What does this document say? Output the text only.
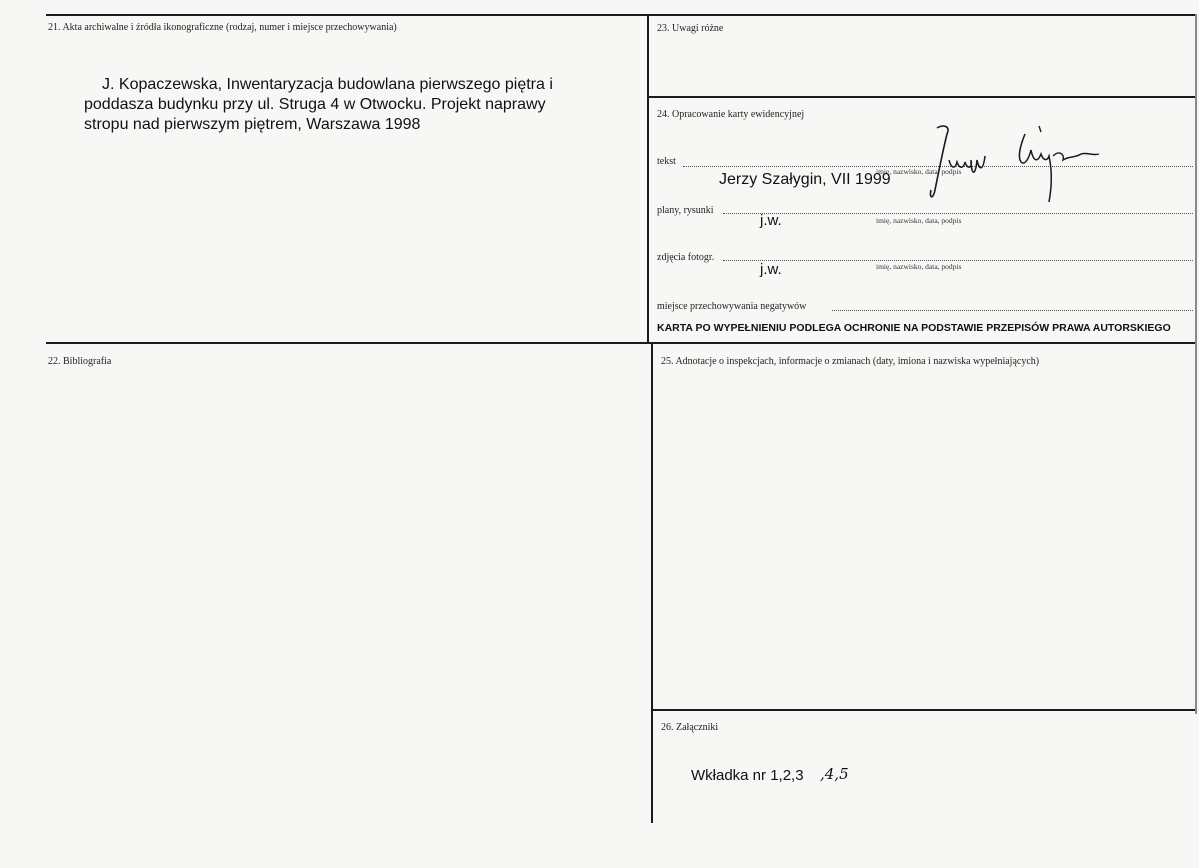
21. Akta archiwalne i źródła ikonograficzne (rodzaj, numer i miejsce przechowywania)
J. Kopaczewska, Inwentaryzacja budowlana pierwszego piętra i
poddasza budynku przy ul. Struga 4 w Otwocku. Projekt naprawy
stropu nad pierwszym piętrem, Warszawa 1998
22. Bibliografia
23. Uwagi różne
24. Opracowanie karty ewidencyjnej
tekst
imię, nazwisko, data, podpis
Jerzy Szałygin, VII 1999
plany, rysunki
imię, nazwisko, data, podpis
j.w.
zdjęcia fotogr.
imię, nazwisko, data, podpis
j.w.
miejsce przechowywania negatywów
KARTA PO WYPEŁNIENIU PODLEGA OCHRONIE NA PODSTAWIE PRZEPISÓW PRAWA AUTORSKIEGO
25. Adnotacje o inspekcjach, informacje o zmianach (daty, imiona i nazwiska wypełniających)
26. Załączniki
Wkładka nr 1,2,3 ,4,5
